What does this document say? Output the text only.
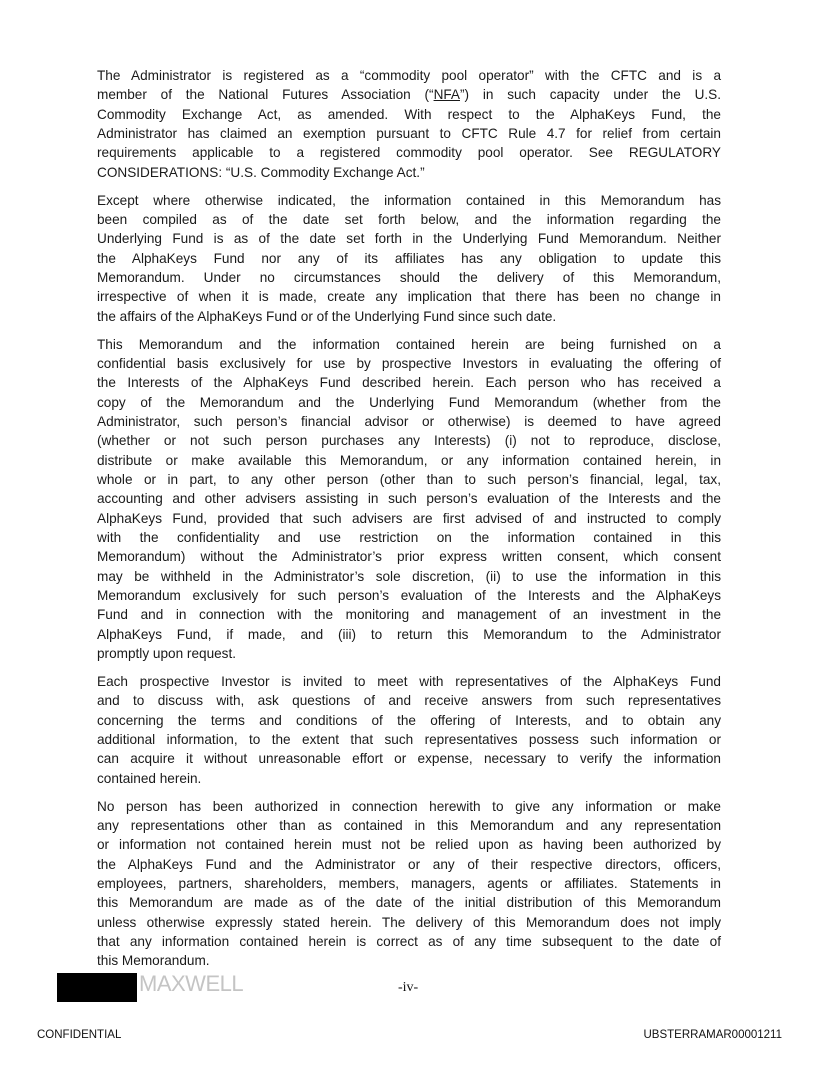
The Administrator is registered as a “commodity pool operator” with the CFTC and is a
member of the National Futures Association (“NFA”) in such capacity under the U.S.
Commodity Exchange Act, as amended. With respect to the AlphaKeys Fund, the
Administrator has claimed an exemption pursuant to CFTC Rule 4.7 for relief from certain
requirements applicable to a registered commodity pool operator. See REGULATORY
CONSIDERATIONS: “U.S. Commodity Exchange Act.”
Except where otherwise indicated, the information contained in this Memorandum has
been compiled as of the date set forth below, and the information regarding the
Underlying Fund is as of the date set forth in the Underlying Fund Memorandum. Neither
the AlphaKeys Fund nor any of its affiliates has any obligation to update this
Memorandum. Under no circumstances should the delivery of this Memorandum,
irrespective of when it is made, create any implication that there has been no change in
the affairs of the AlphaKeys Fund or of the Underlying Fund since such date.
This Memorandum and the information contained herein are being furnished on a
confidential basis exclusively for use by prospective Investors in evaluating the offering of
the Interests of the AlphaKeys Fund described herein. Each person who has received a
copy of the Memorandum and the Underlying Fund Memorandum (whether from the
Administrator, such person’s financial advisor or otherwise) is deemed to have agreed
(whether or not such person purchases any Interests) (i) not to reproduce, disclose,
distribute or make available this Memorandum, or any information contained herein, in
whole or in part, to any other person (other than to such person’s financial, legal, tax,
accounting and other advisers assisting in such person’s evaluation of the Interests and the
AlphaKeys Fund, provided that such advisers are first advised of and instructed to comply
with the confidentiality and use restriction on the information contained in this
Memorandum) without the Administrator’s prior express written consent, which consent
may be withheld in the Administrator’s sole discretion, (ii) to use the information in this
Memorandum exclusively for such person’s evaluation of the Interests and the AlphaKeys
Fund and in connection with the monitoring and management of an investment in the
AlphaKeys Fund, if made, and (iii) to return this Memorandum to the Administrator
promptly upon request.
Each prospective Investor is invited to meet with representatives of the AlphaKeys Fund
and to discuss with, ask questions of and receive answers from such representatives
concerning the terms and conditions of the offering of Interests, and to obtain any
additional information, to the extent that such representatives possess such information or
can acquire it without unreasonable effort or expense, necessary to verify the information
contained herein.
No person has been authorized in connection herewith to give any information or make
any representations other than as contained in this Memorandum and any representation
or information not contained herein must not be relied upon as having been authorized by
the AlphaKeys Fund and the Administrator or any of their respective directors, officers,
employees, partners, shareholders, members, managers, agents or affiliates. Statements in
this Memorandum are made as of the date of the initial distribution of this Memorandum
unless otherwise expressly stated herein. The delivery of this Memorandum does not imply
that any information contained herein is correct as of any time subsequent to the date of
this Memorandum.
MAXWELL	-iv-
CONFIDENTIAL	UBSTERRAMAR00001211
